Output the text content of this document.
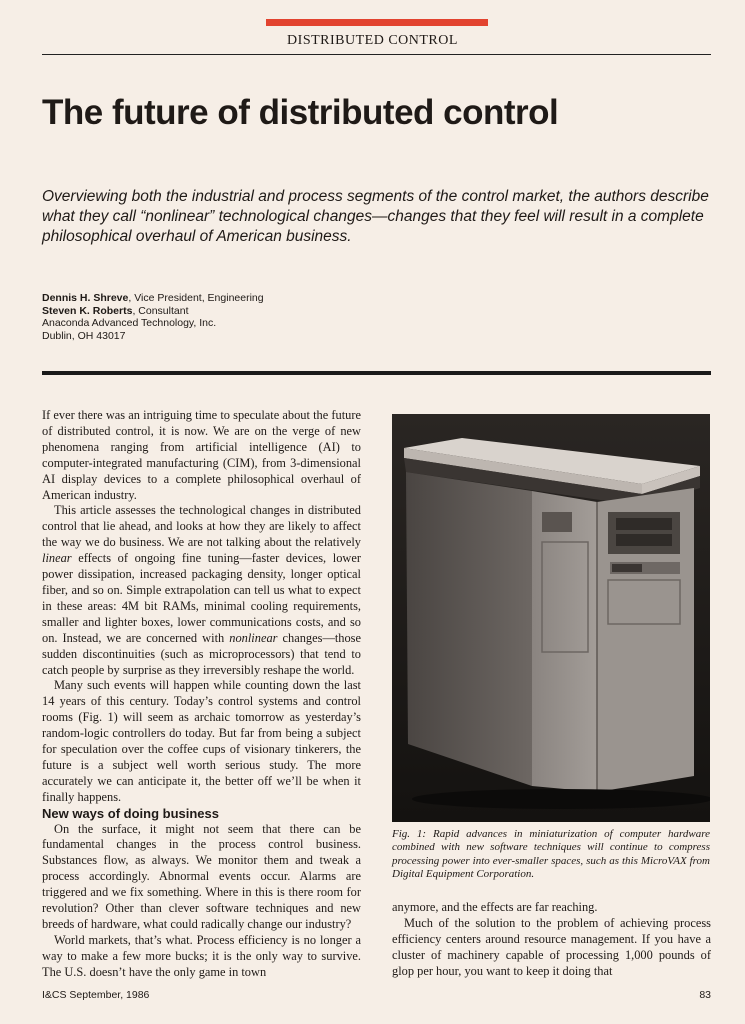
DISTRIBUTED CONTROL
The future of distributed control

Overviewing both the industrial and process segments of the control market, the authors describe what they call “nonlinear” technological changes—changes that they feel will result in a complete philosophical overhaul of American business.

Dennis H. Shreve, Vice President, Engineering
Steven K. Roberts, Consultant
Anaconda Advanced Technology, Inc.
Dublin, OH 43017

If ever there was an intriguing time to speculate about the future of distributed control, it is now. We are on the verge of new phenomena ranging from artificial intelligence (AI) to computer-integrated manufacturing (CIM), from 3-dimensional AI display devices to a complete philosophical overhaul of American industry.

This article assesses the technological changes in distributed control that lie ahead, and looks at how they are likely to affect the way we do business. We are not talking about the relatively linear effects of ongoing fine tuning—faster devices, lower power dissipation, increased packaging density, longer optical fiber, and so on. Simple extrapolation can tell us what to expect in these areas: 4M bit RAMs, minimal cooling requirements, smaller and lighter boxes, lower communications costs, and so on. Instead, we are concerned with nonlinear changes—those sudden discontinuities (such as microprocessors) that tend to catch people by surprise as they irreversibly reshape the world.

Many such events will happen while counting down the last 14 years of this century. Today’s control systems and control rooms (Fig. 1) will seem as archaic tomorrow as yesterday’s random-logic controllers do today. But far from being a subject for speculation over the coffee cups of visionary tinkerers, the future is a subject well worth serious study. The more accurately we can anticipate it, the better off we’ll be when it finally happens.

New ways of doing business

On the surface, it might not seem that there can be fundamental changes in the process control business. Substances flow, as always. We monitor them and tweak a process accordingly. Abnormal events occur. Alarms are triggered and we fix something. Where in this is there room for revolution? Other than clever software techniques and new breeds of hardware, what could radically change our industry?

World markets, that’s what. Process efficiency is no longer a way to make a few more bucks; it is the only way to survive. The U.S. doesn’t have the only game in town

Fig. 1: Rapid advances in miniaturization of computer hardware combined with new software techniques will continue to compress processing power into ever-smaller spaces, such as this MicroVAX from Digital Equipment Corporation.

anymore, and the effects are far reaching.

Much of the solution to the problem of achieving process efficiency centers around resource management. If you have a cluster of machinery capable of processing 1,000 pounds of glop per hour, you want to keep it doing that

I&CS September, 1986	83
